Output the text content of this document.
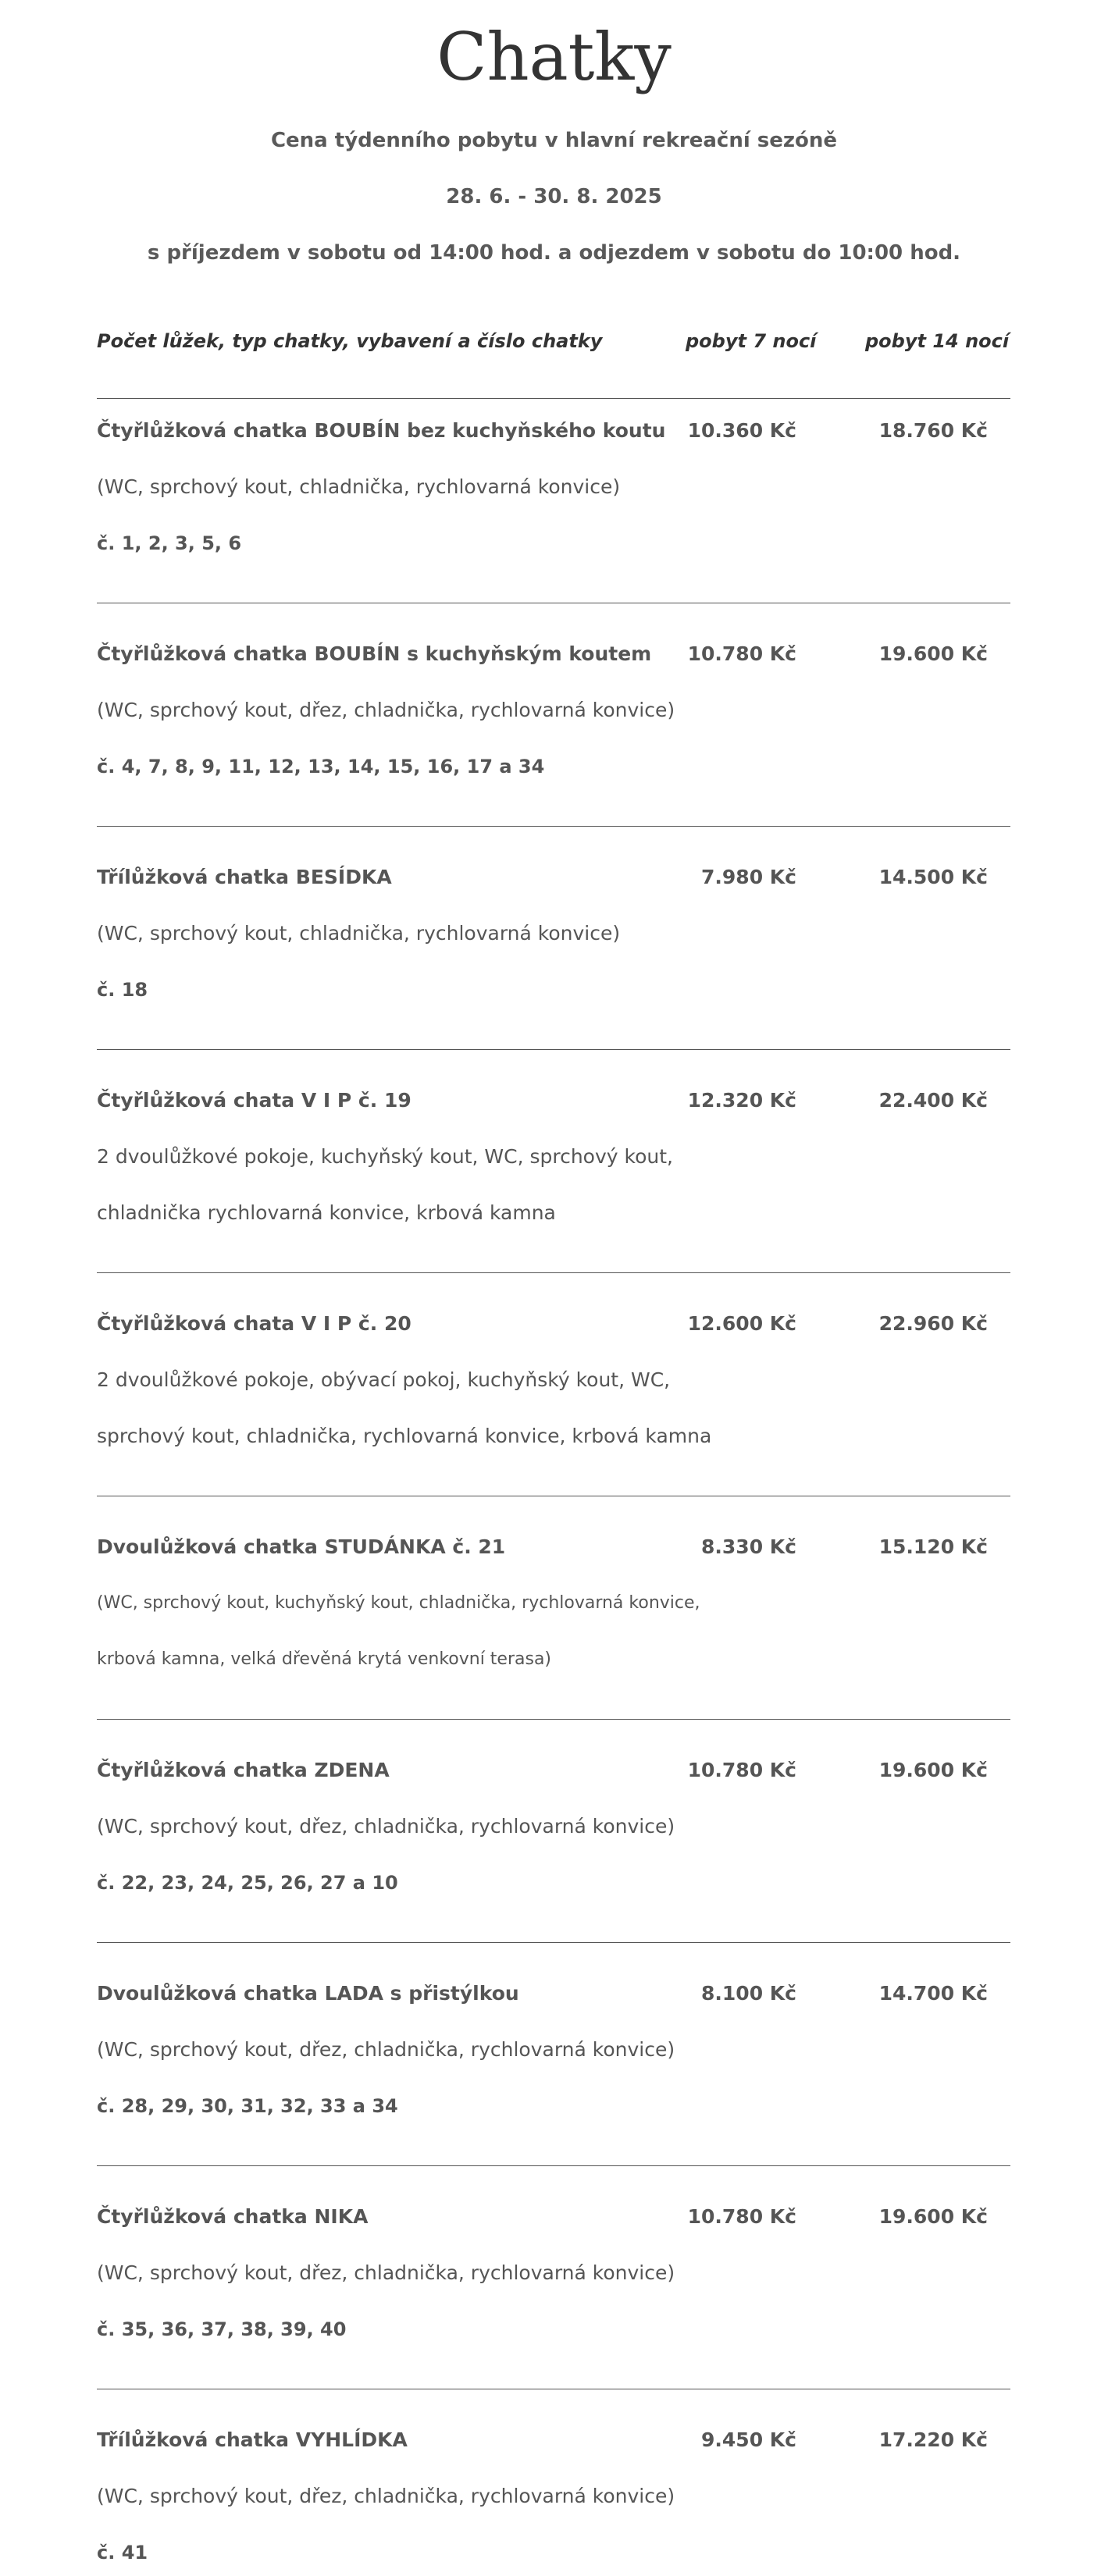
Chatky
Cena týdenního pobytu v hlavní rekreační sezóně
28. 6. - 30. 8. 2025
s příjezdem v sobotu od 14:00 hod. a odjezdem v sobotu do 10:00 hod.
Počet lůžek, typ chatky, vybavení a číslo chatky	pobyt 7 nocí	pobyt 14 nocí
Čtyřlůžková chatka BOUBÍN bez kuchyňského koutu	10.360 Kč	18.760 Kč
(WC, sprchový kout, chladnička, rychlovarná konvice)
č. 1, 2, 3, 5, 6
Čtyřlůžková chatka BOUBÍN s kuchyňským koutem	10.780 Kč	19.600 Kč
(WC, sprchový kout, dřez, chladnička, rychlovarná konvice)
č. 4, 7, 8, 9, 11, 12, 13, 14, 15, 16, 17 a 34
Třílůžková chatka BESÍDKA	7.980 Kč	14.500 Kč
(WC, sprchový kout, chladnička, rychlovarná konvice)
č. 18
Čtyřlůžková chata V I P č. 19	12.320 Kč	22.400 Kč
2 dvoulůžkové pokoje, kuchyňský kout, WC, sprchový kout,
chladnička rychlovarná konvice, krbová kamna
Čtyřlůžková chata V I P č. 20	12.600 Kč	22.960 Kč
2 dvoulůžkové pokoje, obývací pokoj, kuchyňský kout, WC,
sprchový kout, chladnička, rychlovarná konvice, krbová kamna
Dvoulůžková chatka STUDÁNKA č. 21	8.330 Kč	15.120 Kč
(WC, sprchový kout, kuchyňský kout, chladnička, rychlovarná konvice,
krbová kamna, velká dřevěná krytá venkovní terasa)
Čtyřlůžková chatka ZDENA	10.780 Kč	19.600 Kč
(WC, sprchový kout, dřez, chladnička, rychlovarná konvice)
č. 22, 23, 24, 25, 26, 27 a 10
Dvoulůžková chatka LADA s přistýlkou	8.100 Kč	14.700 Kč
(WC, sprchový kout, dřez, chladnička, rychlovarná konvice)
č. 28, 29, 30, 31, 32, 33 a 34
Čtyřlůžková chatka NIKA	10.780 Kč	19.600 Kč
(WC, sprchový kout, dřez, chladnička, rychlovarná konvice)
č. 35, 36, 37, 38, 39, 40
Třílůžková chatka VYHLÍDKA	9.450 Kč	17.220 Kč
(WC, sprchový kout, dřez, chladnička, rychlovarná konvice)
č. 41
